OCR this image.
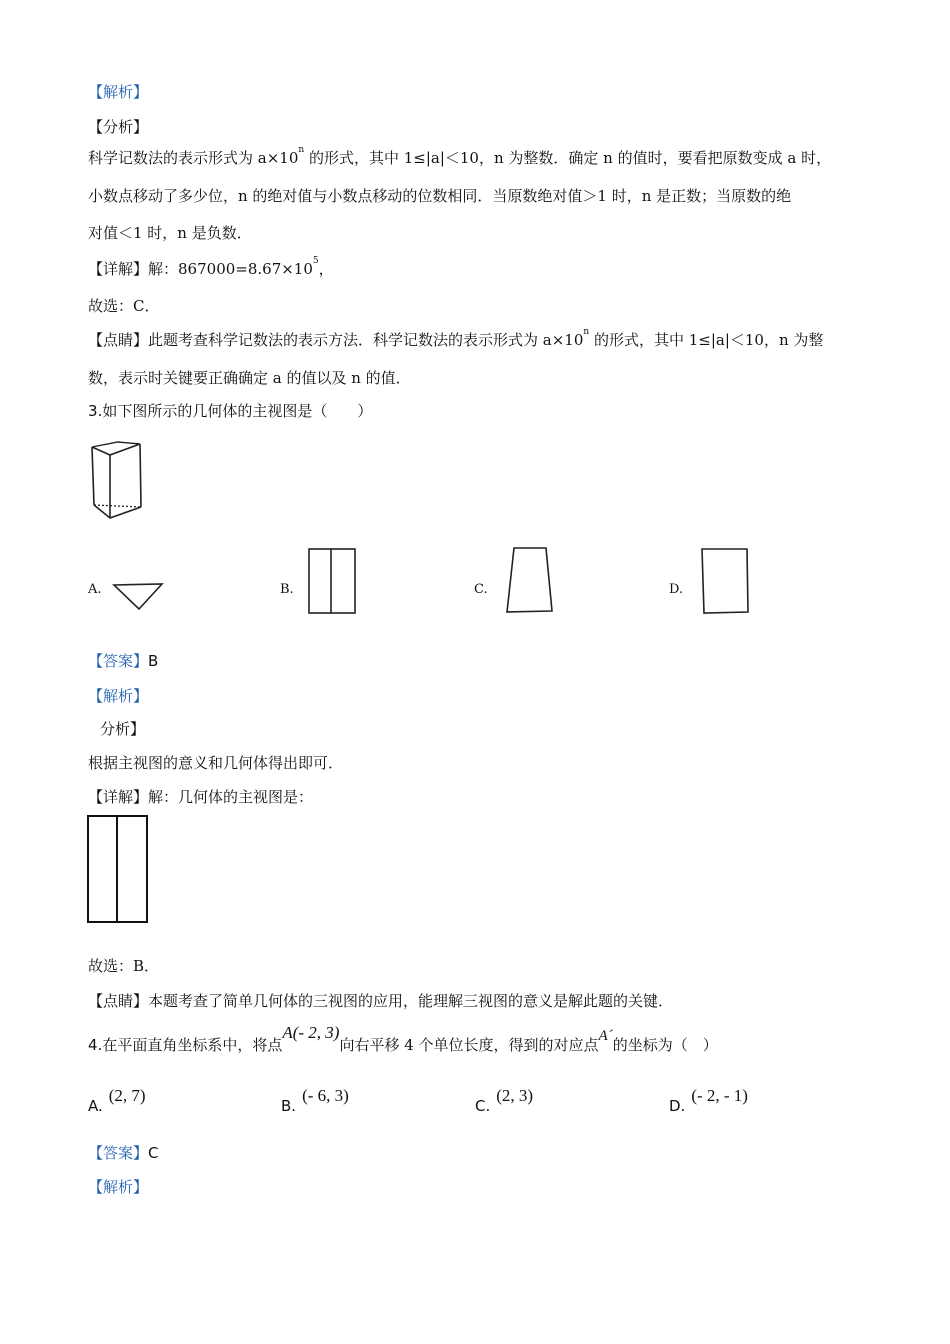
【解析】
【分析】
科学记数法的表示形式为 $a\times 10^n$ 的形式，其中 1≤|a|＜10，n 为整数．确定 n 的值时，要看把原数变成 a 时，
小数点移动了多少位，n 的绝对值与小数点移动的位数相同．当原数绝对值＞1 时，n 是正数；当原数的绝
对值＜1 时，n 是负数．
【详解】解：$867000=8.67\times 10^5$，
故选：C．
【点睛】此题考查科学记数法的表示方法．科学记数法的表示形式为 $a\times 10^n$ 的形式，其中 1≤|a|＜10，n 为整
数，表示时关键要正确确定 a 的值以及 n 的值．
3.如下图所示的几何体的主视图是（　　）
A.	B.	C.	D.
【答案】B
【解析】
分析】
根据主视图的意义和几何体得出即可．
【详解】解：几何体的主视图是：
故选：B．
【点睛】本题考查了简单几何体的三视图的应用，能理解三视图的意义是解此题的关键．
4.在平面直角坐标系中，将点A(- 2, 3)向右平移 4 个单位长度，得到的对应点A´的坐标为（　）
A.(2, 7)
B.(- 6, 3)
C.(2, 3)
D.(- 2, - 1)
【答案】C
【解析】
